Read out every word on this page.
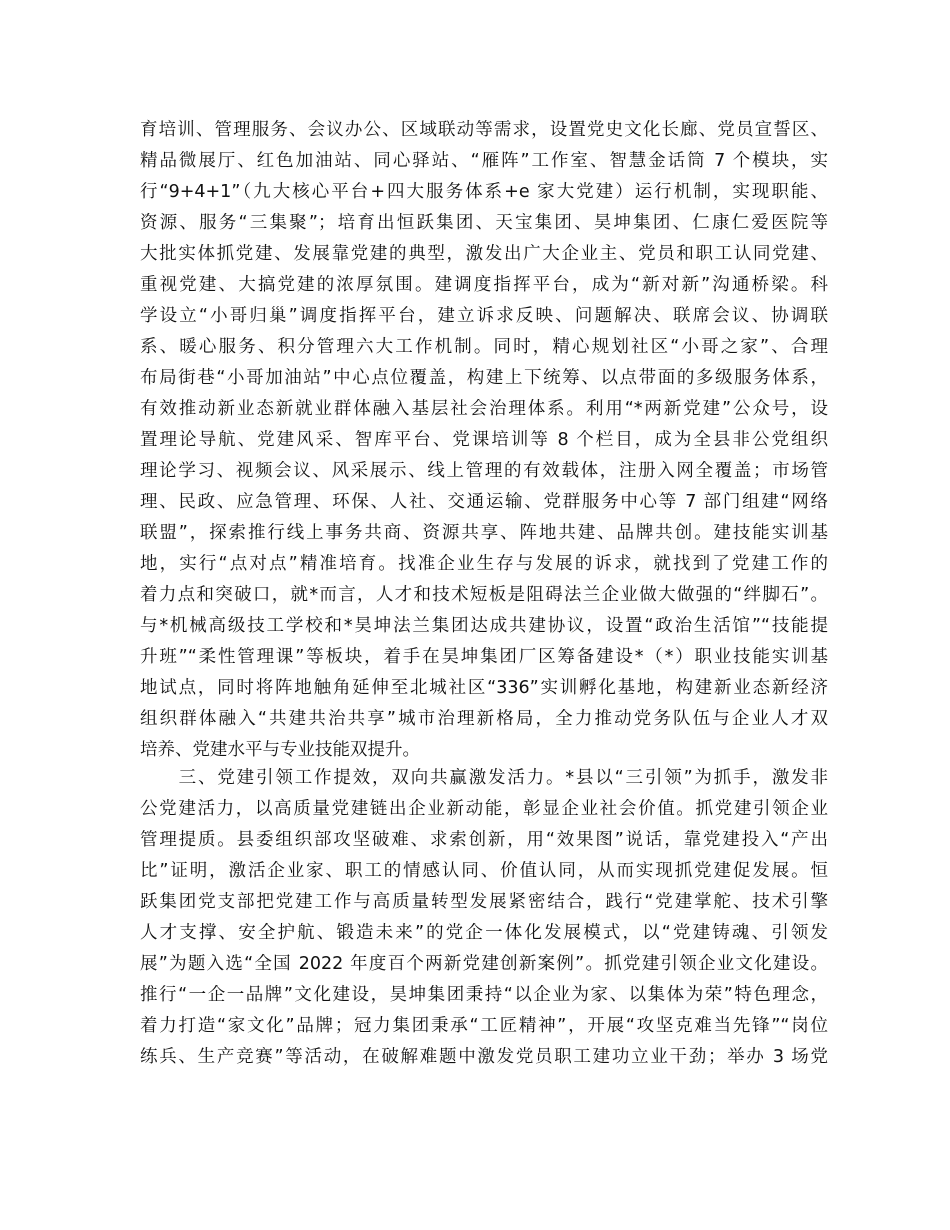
育培训、管理服务、会议办公、区域联动等需求，设置党史文化长廊、党员宣誓区、
精品微展厅、红色加油站、同心驿站、“雁阵”工作室、智慧金话筒 7 个模块，实
行“9+4+1”（九大核心平台+四大服务体系+e 家大党建）运行机制，实现职能、
资源、服务“三集聚”；培育出恒跃集团、天宝集团、昊坤集团、仁康仁爱医院等
大批实体抓党建、发展靠党建的典型，激发出广大企业主、党员和职工认同党建、
重视党建、大搞党建的浓厚氛围。建调度指挥平台，成为“新对新”沟通桥梁。科
学设立“小哥归巢”调度指挥平台，建立诉求反映、问题解决、联席会议、协调联
系、暖心服务、积分管理六大工作机制。同时，精心规划社区“小哥之家”、合理
布局街巷“小哥加油站”中心点位覆盖，构建上下统筹、以点带面的多级服务体系，
有效推动新业态新就业群体融入基层社会治理体系。利用“*两新党建”公众号，设
置理论导航、党建风采、智库平台、党课培训等 8 个栏目，成为全县非公党组织
理论学习、视频会议、风采展示、线上管理的有效载体，注册入网全覆盖；市场管
理、民政、应急管理、环保、人社、交通运输、党群服务中心等 7 部门组建“网络
联盟”，探索推行线上事务共商、资源共享、阵地共建、品牌共创。建技能实训基
地，实行“点对点”精准培育。找准企业生存与发展的诉求，就找到了党建工作的
着力点和突破口，就*而言，人才和技术短板是阻碍法兰企业做大做强的“绊脚石”。
与*机械高级技工学校和*昊坤法兰集团达成共建协议，设置“政治生活馆”“技能提
升班”“柔性管理课”等板块，着手在昊坤集团厂区筹备建设*（*）职业技能实训基
地试点，同时将阵地触角延伸至北城社区“336”实训孵化基地，构建新业态新经济
组织群体融入“共建共治共享”城市治理新格局，全力推动党务队伍与企业人才双
培养、党建水平与专业技能双提升。
　　三、党建引领工作提效，双向共赢激发活力。*县以“三引领”为抓手，激发非
公党建活力，以高质量党建链出企业新动能，彰显企业社会价值。抓党建引领企业
管理提质。县委组织部攻坚破难、求索创新，用“效果图”说话，靠党建投入“产出
比”证明，激活企业家、职工的情感认同、价值认同，从而实现抓党建促发展。恒
跃集团党支部把党建工作与高质量转型发展紧密结合，践行“党建掌舵、技术引擎
人才支撑、安全护航、锻造未来”的党企一体化发展模式，以“党建铸魂、引领发
展”为题入选“全国 2022 年度百个两新党建创新案例”。抓党建引领企业文化建设。
推行“一企一品牌”文化建设，昊坤集团秉持“以企业为家、以集体为荣”特色理念，
着力打造“家文化”品牌；冠力集团秉承“工匠精神”，开展“攻坚克难当先锋”“岗位
练兵、生产竞赛”等活动，在破解难题中激发党员职工建功立业干劲；举办 3 场党
